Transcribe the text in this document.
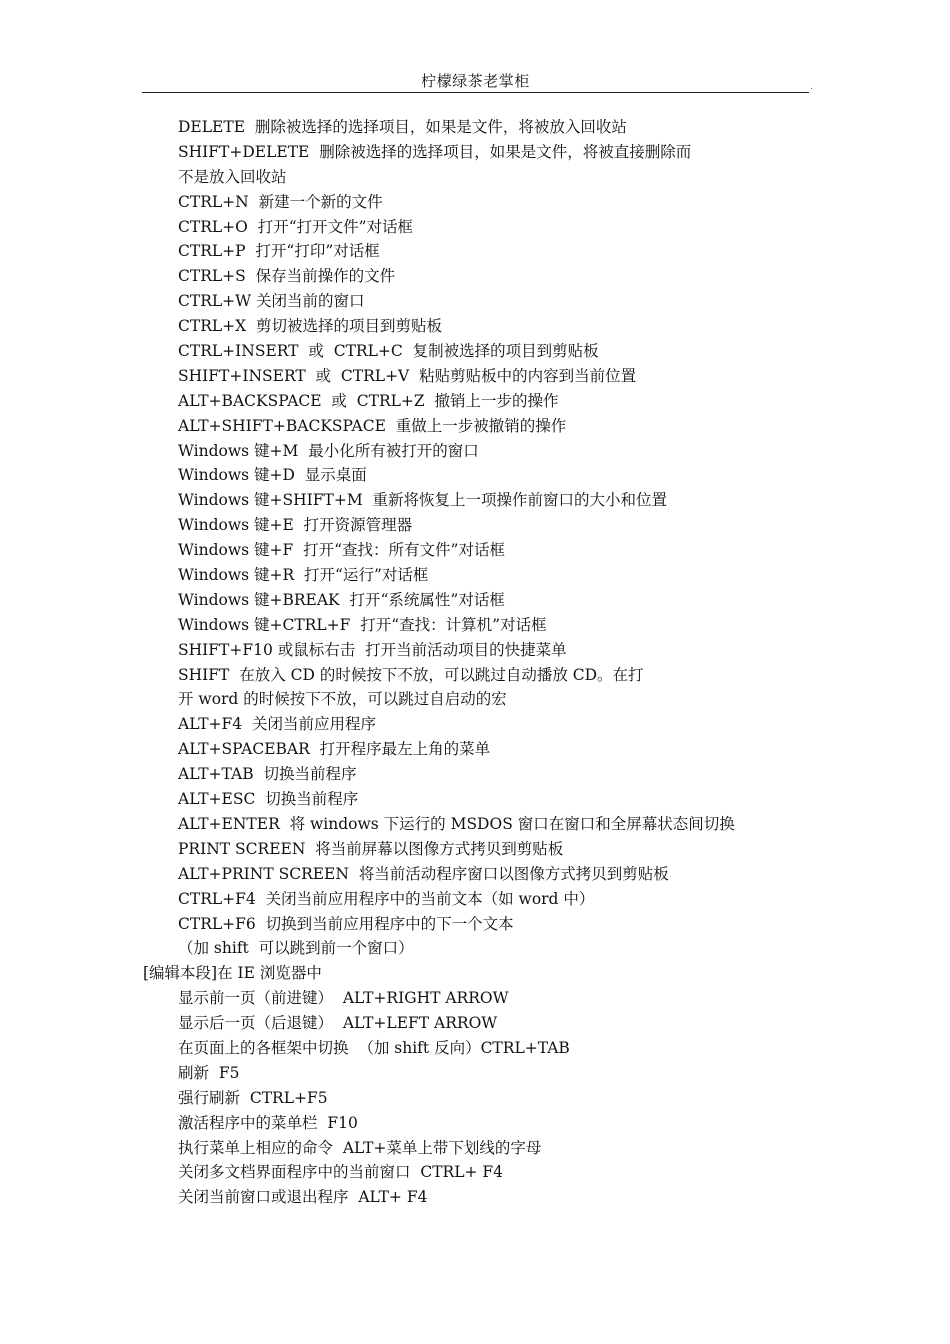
柠檬绿茶老掌柜	.
DELETE  删除被选择的选择项目，如果是文件，将被放入回收站
SHIFT+DELETE  删除被选择的选择项目，如果是文件，将被直接删除而
不是放入回收站
CTRL+N  新建一个新的文件
CTRL+O  打开“打开文件”对话框
CTRL+P  打开“打印”对话框
CTRL+S  保存当前操作的文件
CTRL+W 关闭当前的窗口
CTRL+X  剪切被选择的项目到剪贴板
CTRL+INSERT  或  CTRL+C  复制被选择的项目到剪贴板
SHIFT+INSERT  或  CTRL+V  粘贴剪贴板中的内容到当前位置
ALT+BACKSPACE  或  CTRL+Z  撤销上一步的操作
ALT+SHIFT+BACKSPACE  重做上一步被撤销的操作
Windows 键+M  最小化所有被打开的窗口
Windows 键+D  显示桌面
Windows 键+SHIFT+M  重新将恢复上一项操作前窗口的大小和位置
Windows 键+E  打开资源管理器
Windows 键+F  打开“查找：所有文件”对话框
Windows 键+R  打开“运行”对话框
Windows 键+BREAK  打开“系统属性”对话框
Windows 键+CTRL+F  打开“查找：计算机”对话框
SHIFT+F10 或鼠标右击  打开当前活动项目的快捷菜单
SHIFT  在放入 CD 的时候按下不放，可以跳过自动播放 CD。在打
开 word 的时候按下不放，可以跳过自启动的宏
ALT+F4  关闭当前应用程序
ALT+SPACEBAR  打开程序最左上角的菜单
ALT+TAB  切换当前程序
ALT+ESC  切换当前程序
ALT+ENTER  将 windows 下运行的 MSDOS 窗口在窗口和全屏幕状态间切换
PRINT SCREEN  将当前屏幕以图像方式拷贝到剪贴板
ALT+PRINT SCREEN  将当前活动程序窗口以图像方式拷贝到剪贴板
CTRL+F4  关闭当前应用程序中的当前文本（如 word 中）
CTRL+F6  切换到当前应用程序中的下一个文本
（加 shift  可以跳到前一个窗口）
[编辑本段]在 IE 浏览器中
显示前一页（前进键）  ALT+RIGHT ARROW
显示后一页（后退键）  ALT+LEFT ARROW
在页面上的各框架中切换  （加 shift 反向）CTRL+TAB
刷新  F5
强行刷新  CTRL+F5
激活程序中的菜单栏  F10
执行菜单上相应的命令  ALT+菜单上带下划线的字母
关闭多文档界面程序中的当前窗口  CTRL+ F4
关闭当前窗口或退出程序  ALT+ F4
